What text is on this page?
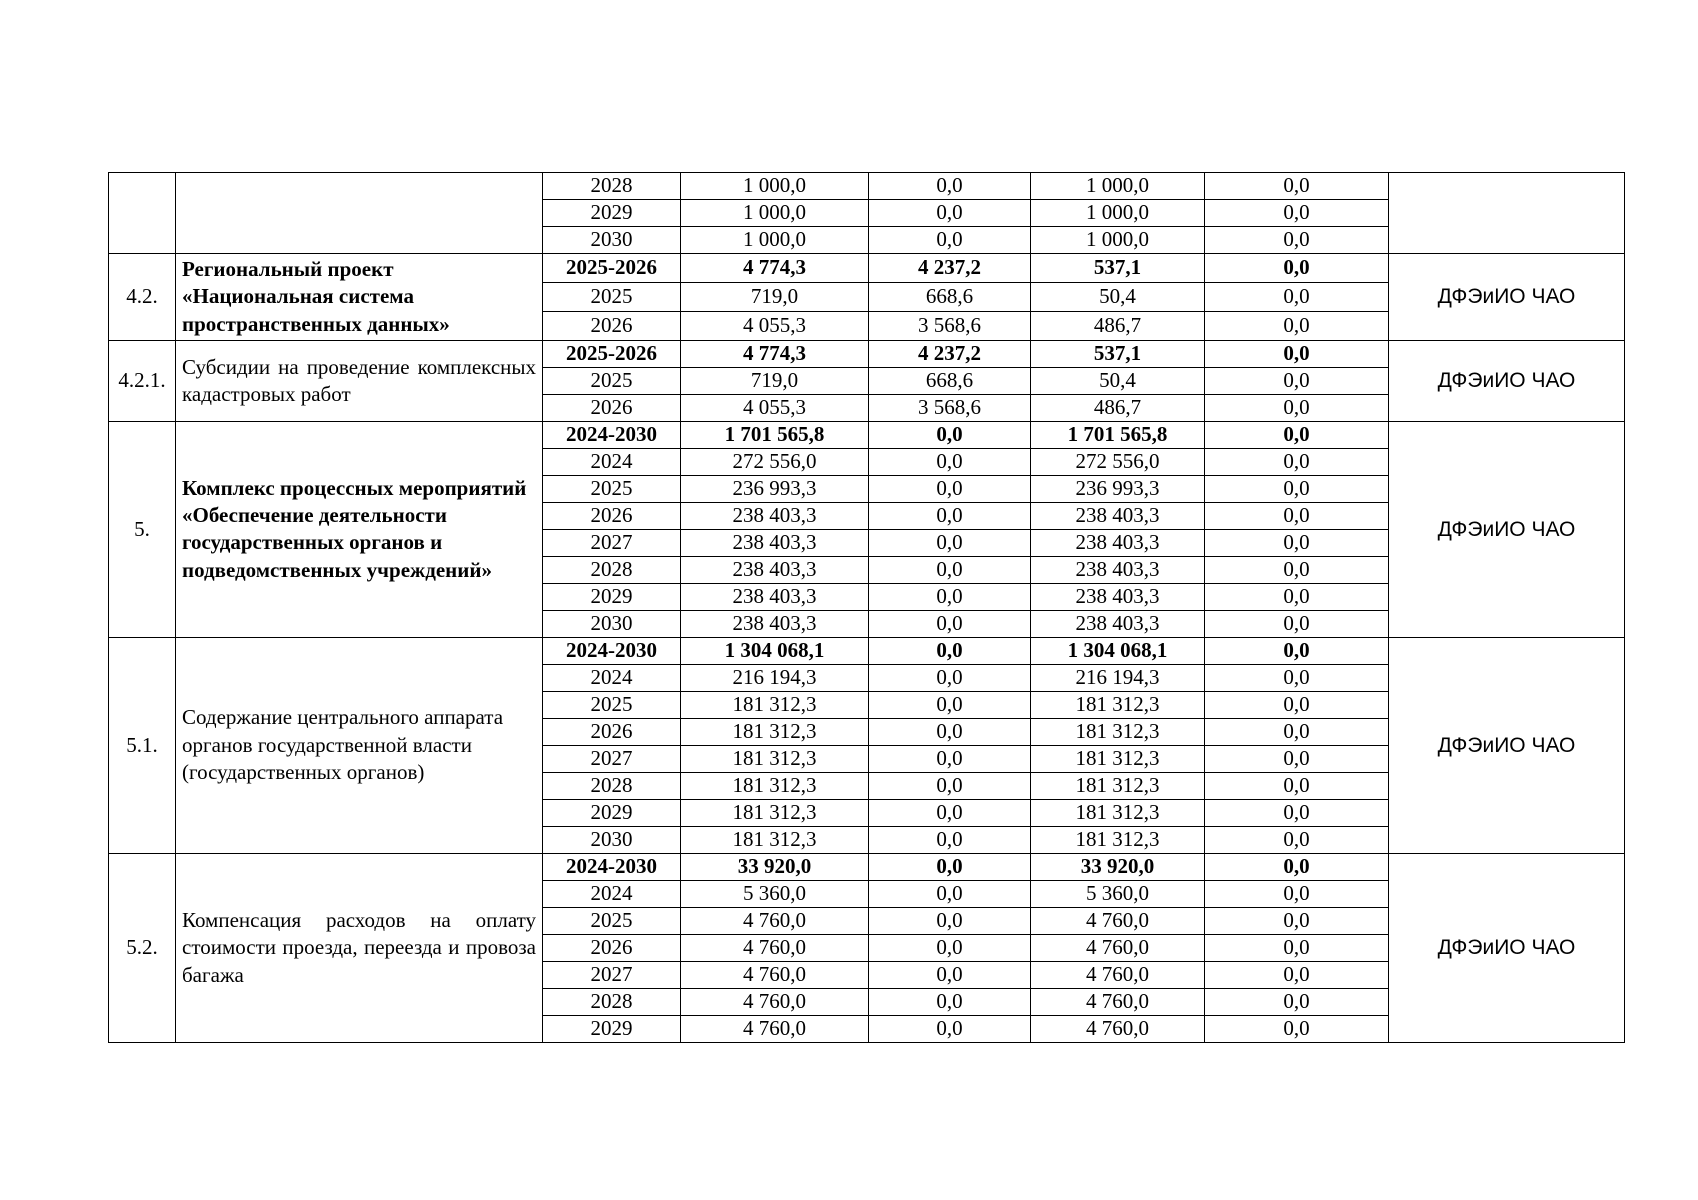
		2028	1 000,0	0,0	1 000,0	0,0	
		2029	1 000,0	0,0	1 000,0	0,0	
		2030	1 000,0	0,0	1 000,0	0,0	
4.2.	Региональный проект «Национальная система пространственных данных»	2025-2026	4 774,3	4 237,2	537,1	0,0	ДФЭиИО ЧАО
		2025	719,0	668,6	50,4	0,0	
		2026	4 055,3	3 568,6	486,7	0,0	
4.2.1.	Субсидии на проведение комплексных кадастровых работ	2025-2026	4 774,3	4 237,2	537,1	0,0	ДФЭиИО ЧАО
		2025	719,0	668,6	50,4	0,0	
		2026	4 055,3	3 568,6	486,7	0,0	
5.	Комплекс процессных мероприятий «Обеспечение деятельности государственных органов и подведомственных учреждений»	2024-2030	1 701 565,8	0,0	1 701 565,8	0,0	ДФЭиИО ЧАО
		2024	272 556,0	0,0	272 556,0	0,0	
		2025	236 993,3	0,0	236 993,3	0,0	
		2026	238 403,3	0,0	238 403,3	0,0	
		2027	238 403,3	0,0	238 403,3	0,0	
		2028	238 403,3	0,0	238 403,3	0,0	
		2029	238 403,3	0,0	238 403,3	0,0	
		2030	238 403,3	0,0	238 403,3	0,0	
5.1.	Содержание центрального аппарата органов государственной власти (государственных органов)	2024-2030	1 304 068,1	0,0	1 304 068,1	0,0	ДФЭиИО ЧАО
		2024	216 194,3	0,0	216 194,3	0,0	
		2025	181 312,3	0,0	181 312,3	0,0	
		2026	181 312,3	0,0	181 312,3	0,0	
		2027	181 312,3	0,0	181 312,3	0,0	
		2028	181 312,3	0,0	181 312,3	0,0	
		2029	181 312,3	0,0	181 312,3	0,0	
		2030	181 312,3	0,0	181 312,3	0,0	
5.2.	Компенсация расходов на оплату стоимости проезда, переезда и провоза багажа	2024-2030	33 920,0	0,0	33 920,0	0,0	ДФЭиИО ЧАО
		2024	5 360,0	0,0	5 360,0	0,0	
		2025	4 760,0	0,0	4 760,0	0,0	
		2026	4 760,0	0,0	4 760,0	0,0	
		2027	4 760,0	0,0	4 760,0	0,0	
		2028	4 760,0	0,0	4 760,0	0,0	
		2029	4 760,0	0,0	4 760,0	0,0	
